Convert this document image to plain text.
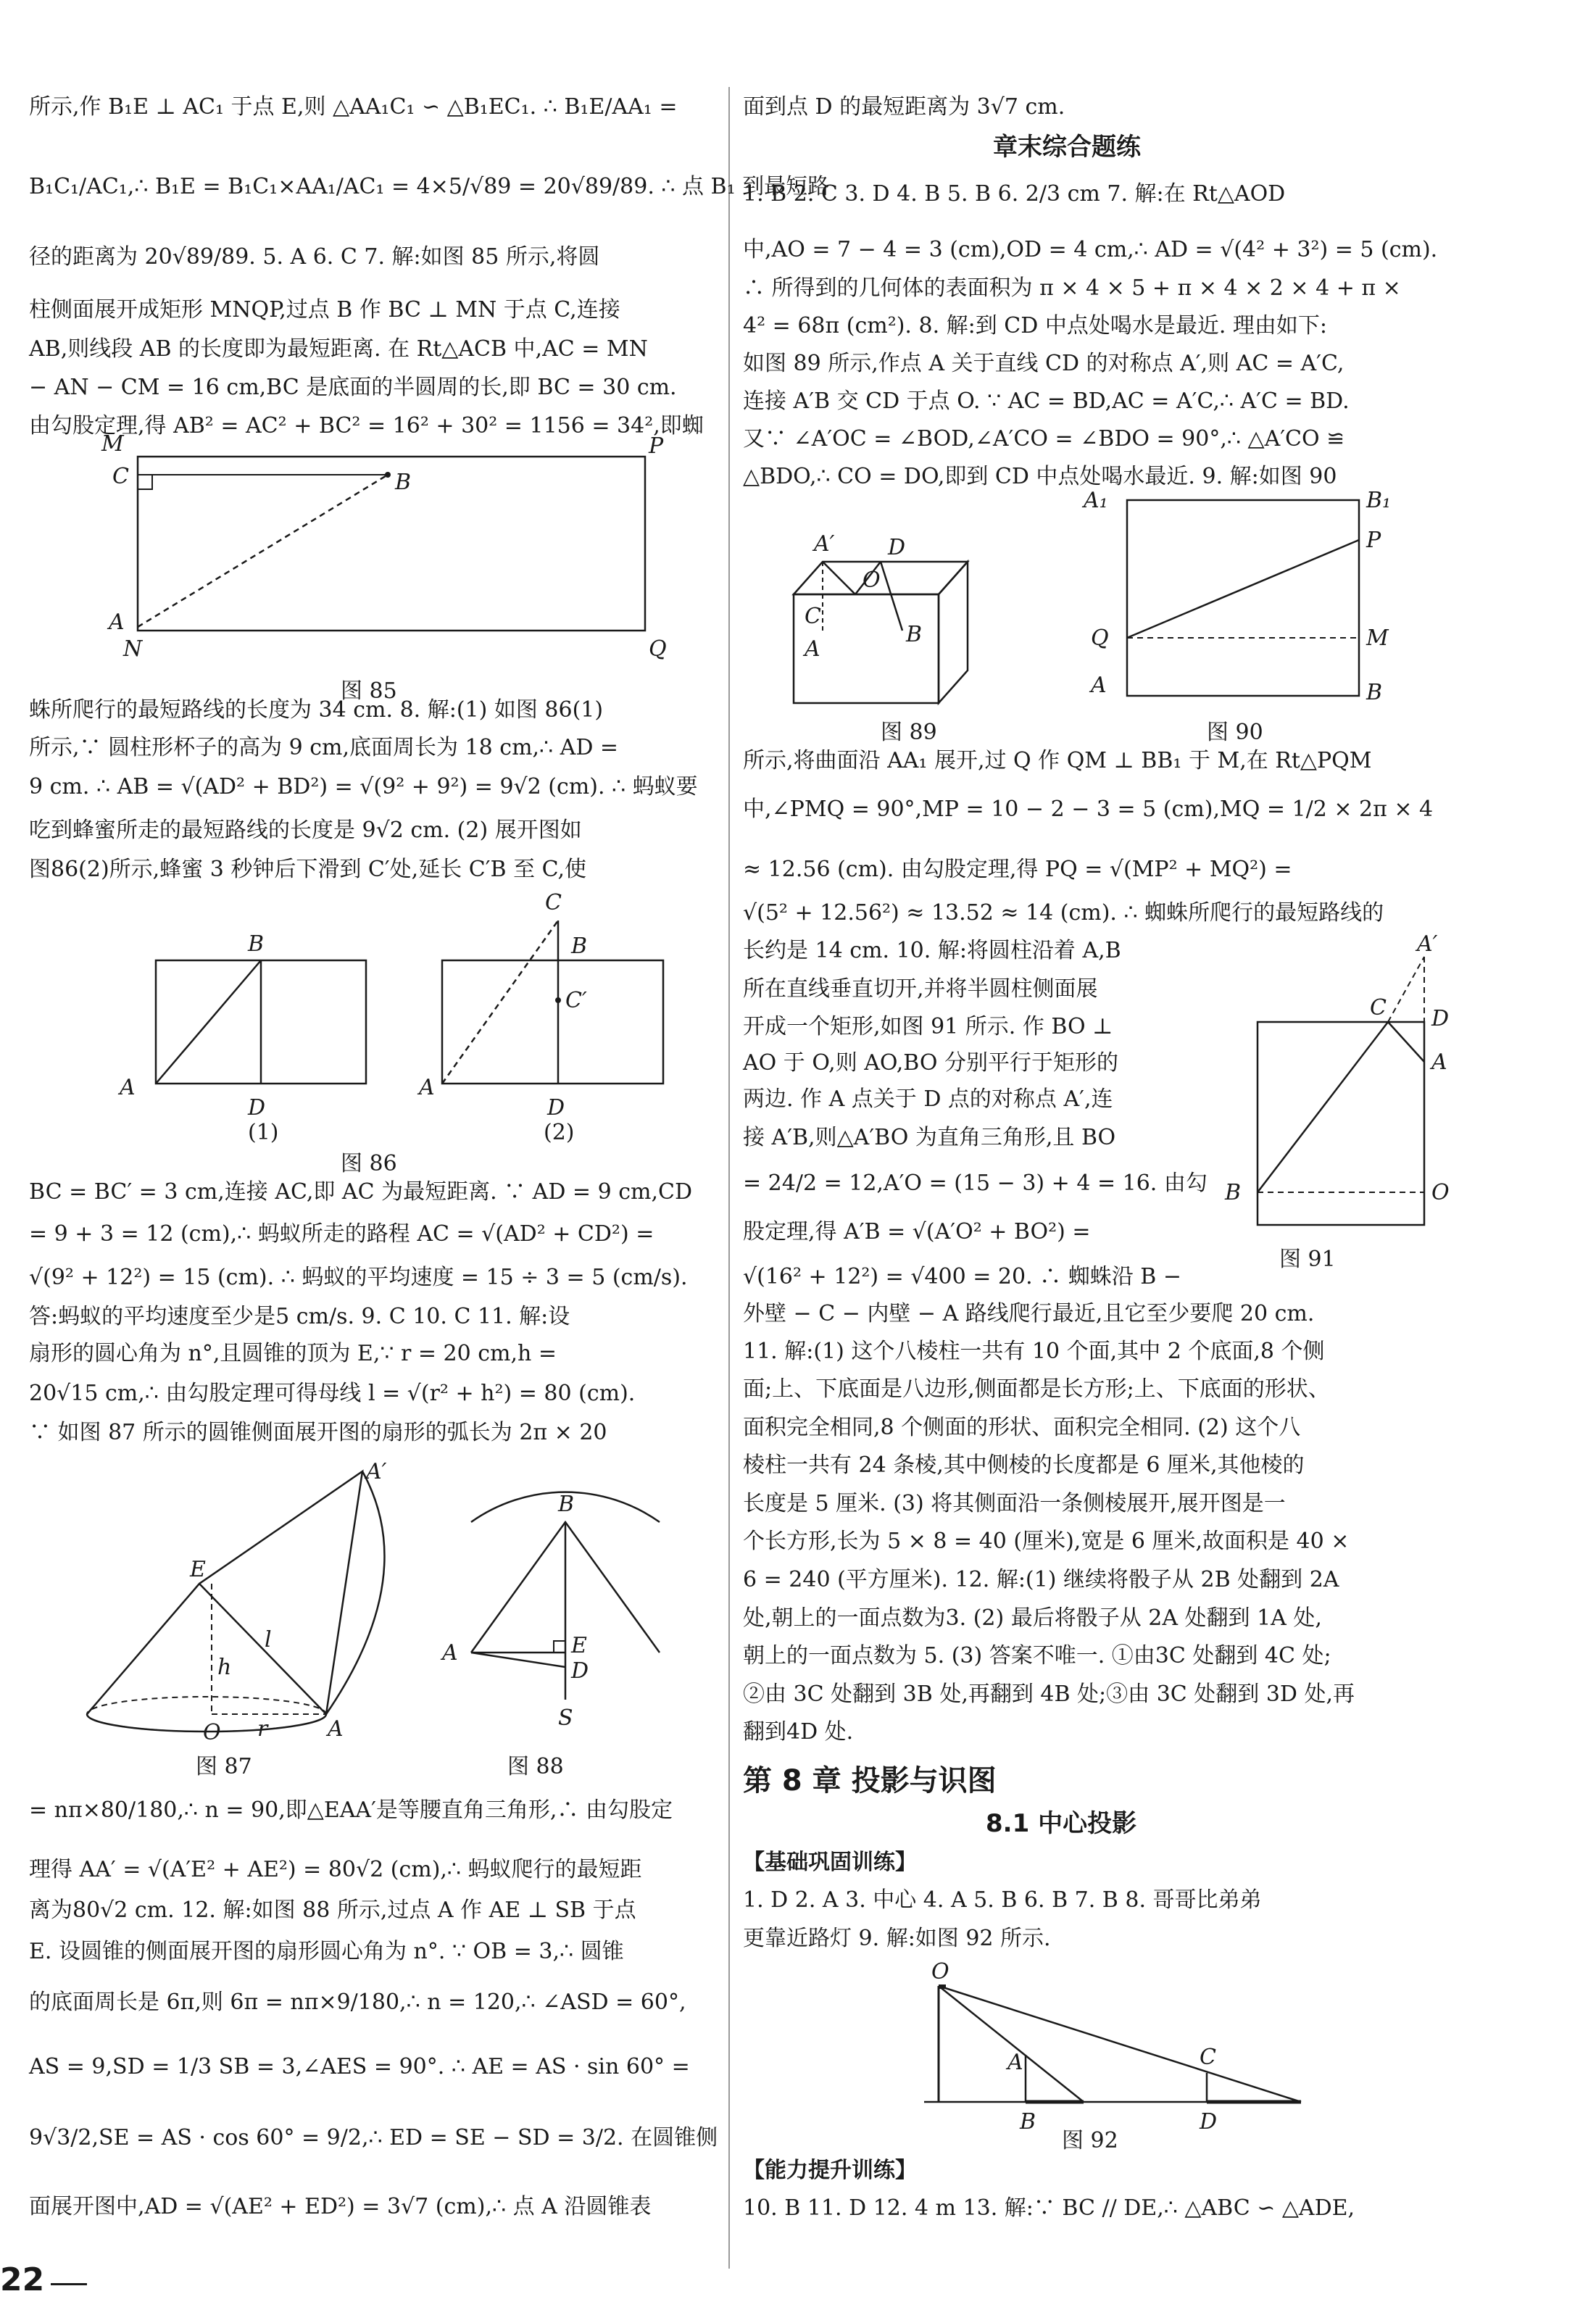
所示,作 B₁E ⊥ AC₁ 于点 E,则 △AA₁C₁ ∽ △B₁EC₁. ∴ B₁E/AA₁ =
B₁C₁/AC₁,∴ B₁E = B₁C₁×AA₁/AC₁ = 4×5/√89 = 20√89/89. ∴ 点 B₁ 到最短路
径的距离为 20√89/89. 5. A 6. C 7. 解:如图 85 所示,将圆
柱侧面展开成矩形 MNQP,过点 B 作 BC ⊥ MN 于点 C,连接
AB,则线段 AB 的长度即为最短距离. 在 Rt△ACB 中,AC = MN
− AN − CM = 16 cm,BC 是底面的半圆周的长,即 BC = 30 cm.
由勾股定理,得 AB² = AC² + BC² = 16² + 30² = 1156 = 34²,即蜘
M	P
C	B
A
N	Q
图 85
蛛所爬行的最短路线的长度为 34 cm. 8. 解:(1) 如图 86(1)
所示,∵ 圆柱形杯子的高为 9 cm,底面周长为 18 cm,∴ AD =
9 cm. ∴ AB = √(AD² + BD²) = √(9² + 9²) = 9√2 (cm). ∴ 蚂蚁要
吃到蜂蜜所走的最短路线的长度是 9√2 cm. (2) 展开图如
图86(2)所示,蜂蜜 3 秒钟后下滑到 C′处,延长 C′B 至 C,使
B
A
D
(1)
C
B
C′
A
D
(2)
图 86
BC = BC′ = 3 cm,连接 AC,即 AC 为最短距离. ∵ AD = 9 cm,CD
= 9 + 3 = 12 (cm),∴ 蚂蚁所走的路程 AC = √(AD² + CD²) =
√(9² + 12²) = 15 (cm). ∴ 蚂蚁的平均速度 = 15 ÷ 3 = 5 (cm/s).
答:蚂蚁的平均速度至少是5 cm/s. 9. C 10. C 11. 解:设
扇形的圆心角为 n°,且圆锥的顶为 E,∵ r = 20 cm,h =
20√15 cm,∴ 由勾股定理可得母线 l = √(r² + h²) = 80 (cm).
∵ 如图 87 所示的圆锥侧面展开图的扇形的弧长为 2π × 20
A′
E
l
h
O r	A
图 87
B
A	E
D
S
图 88
= nπ×80/180,∴ n = 90,即△EAA′是等腰直角三角形,∴ 由勾股定
理得 AA′ = √(A′E² + AE²) = 80√2 (cm),∴ 蚂蚁爬行的最短距
离为80√2 cm. 12. 解:如图 88 所示,过点 A 作 AE ⊥ SB 于点
E. 设圆锥的侧面展开图的扇形圆心角为 n°. ∵ OB = 3,∴ 圆锥
的底面周长是 6π,则 6π = nπ×9/180,∴ n = 120,∴ ∠ASD = 60°,
AS = 9,SD = 1/3 SB = 3,∠AES = 90°. ∴ AE = AS · sin 60° =
9√3/2,SE = AS · cos 60° = 9/2,∴ ED = SE − SD = 3/2. 在圆锥侧
面展开图中,AD = √(AE² + ED²) = 3√7 (cm),∴ 点 A 沿圆锥表
22
面到点 D 的最短距离为 3√7 cm.
章末综合题练
1. B 2. C 3. D 4. B 5. B 6. 2/3 cm 7. 解:在 Rt△AOD
中,AO = 7 − 4 = 3 (cm),OD = 4 cm,∴ AD = √(4² + 3²) = 5 (cm).
∴ 所得到的几何体的表面积为 π × 4 × 5 + π × 4 × 2 × 4 + π ×
4² = 68π (cm²). 8. 解:到 CD 中点处喝水是最近. 理由如下:
如图 89 所示,作点 A 关于直线 CD 的对称点 A′,则 AC = A′C,
连接 A′B 交 CD 于点 O. ∵ AC = BD,AC = A′C,∴ A′C = BD.
又∵ ∠A′OC = ∠BOD,∠A′CO = ∠BDO = 90°,∴ △A′CO ≌
△BDO,∴ CO = DO,即到 CD 中点处喝水最近. 9. 解:如图 90
A′
O
D
C
A
B
图 89
A₁	B₁
P
Q	M
A	B
图 90
所示,将曲面沿 AA₁ 展开,过 Q 作 QM ⊥ BB₁ 于 M,在 Rt△PQM
中,∠PMQ = 90°,MP = 10 − 2 − 3 = 5 (cm),MQ = 1/2 × 2π × 4
≈ 12.56 (cm). 由勾股定理,得 PQ = √(MP² + MQ²) =
√(5² + 12.56²) ≈ 13.52 ≈ 14 (cm). ∴ 蜘蛛所爬行的最短路线的
长约是 14 cm. 10. 解:将圆柱沿着 A,B
所在直线垂直切开,并将半圆柱侧面展
开成一个矩形,如图 91 所示. 作 BO ⊥
AO 于 O,则 AO,BO 分别平行于矩形的
两边. 作 A 点关于 D 点的对称点 A′,连
接 A′B,则△A′BO 为直角三角形,且 BO
= 24/2 = 12,A′O = (15 − 3) + 4 = 16. 由勾
股定理,得 A′B = √(A′O² + BO²) =
√(16² + 12²) = √400 = 20. ∴ 蜘蛛沿 B −
A′
C D
A
B	O
图 91
外壁 − C − 内壁 − A 路线爬行最近,且它至少要爬 20 cm.
11. 解:(1) 这个八棱柱一共有 10 个面,其中 2 个底面,8 个侧
面;上、下底面是八边形,侧面都是长方形;上、下底面的形状、
面积完全相同,8 个侧面的形状、面积完全相同. (2) 这个八
棱柱一共有 24 条棱,其中侧棱的长度都是 6 厘米,其他棱的
长度是 5 厘米. (3) 将其侧面沿一条侧棱展开,展开图是一
个长方形,长为 5 × 8 = 40 (厘米),宽是 6 厘米,故面积是 40 ×
6 = 240 (平方厘米). 12. 解:(1) 继续将骰子从 2B 处翻到 2A
处,朝上的一面点数为3. (2) 最后将骰子从 2A 处翻到 1A 处,
朝上的一面点数为 5. (3) 答案不唯一. ①由3C 处翻到 4C 处;
②由 3C 处翻到 3B 处,再翻到 4B 处;③由 3C 处翻到 3D 处,再
翻到4D 处.
第 8 章 投影与识图
8.1 中心投影
【基础巩固训练】
1. D 2. A 3. 中心 4. A 5. B 6. B 7. B 8. 哥哥比弟弟
更靠近路灯 9. 解:如图 92 所示.
O
A
B
C
D
图 92
【能力提升训练】
10. B 11. D 12. 4 m 13. 解:∵ BC // DE,∴ △ABC ∽ △ADE,
